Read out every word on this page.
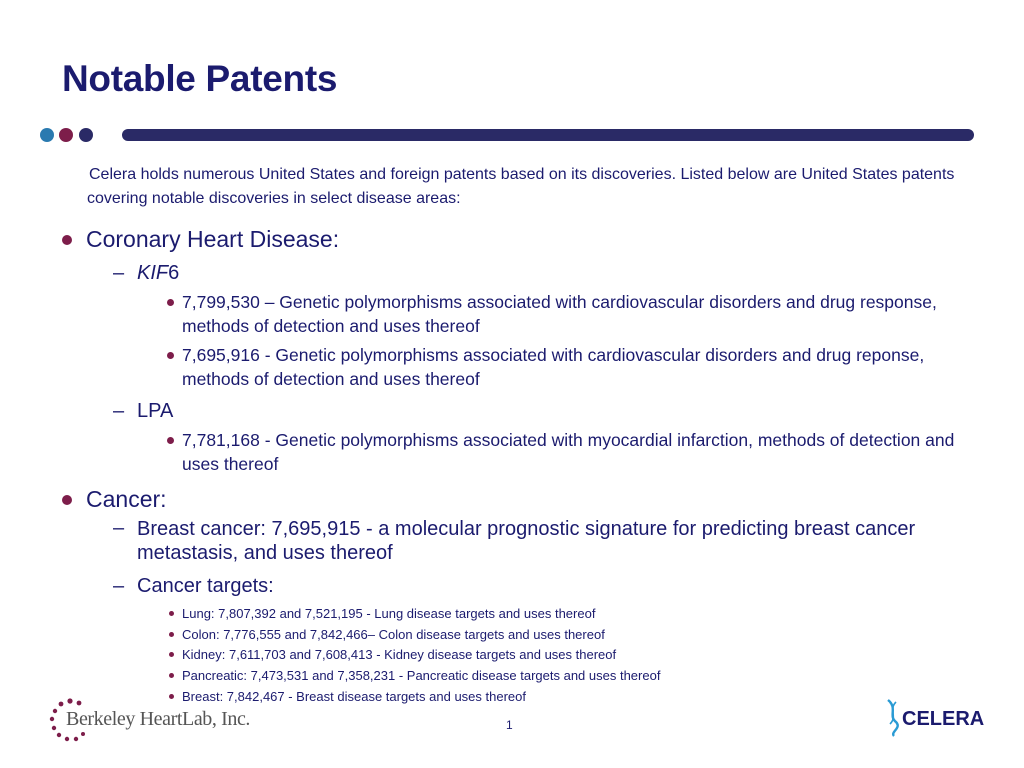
Notable Patents

Celera holds numerous United States and foreign patents based on its discoveries. Listed below are United States patents covering notable discoveries in select disease areas:

Coronary Heart Disease:
– KIF6
7,799,530 – Genetic polymorphisms associated with cardiovascular disorders and drug response, methods of detection and uses thereof
7,695,916 - Genetic polymorphisms associated with cardiovascular disorders and drug reponse, methods of detection and uses thereof
– LPA
7,781,168 - Genetic polymorphisms associated with myocardial infarction, methods of detection and uses thereof
Cancer:
– Breast cancer: 7,695,915 - a molecular prognostic signature for predicting breast cancer metastasis, and uses thereof
– Cancer targets:
Lung: 7,807,392 and 7,521,195 - Lung disease targets and uses thereof
Colon: 7,776,555 and 7,842,466– Colon disease targets and uses thereof
Kidney: 7,611,703 and 7,608,413 - Kidney disease targets and uses thereof
Pancreatic: 7,473,531 and 7,358,231 - Pancreatic disease targets and uses thereof
Breast: 7,842,467 - Breast disease targets and uses thereof
Berkeley HeartLab, Inc.	1	CELERA
